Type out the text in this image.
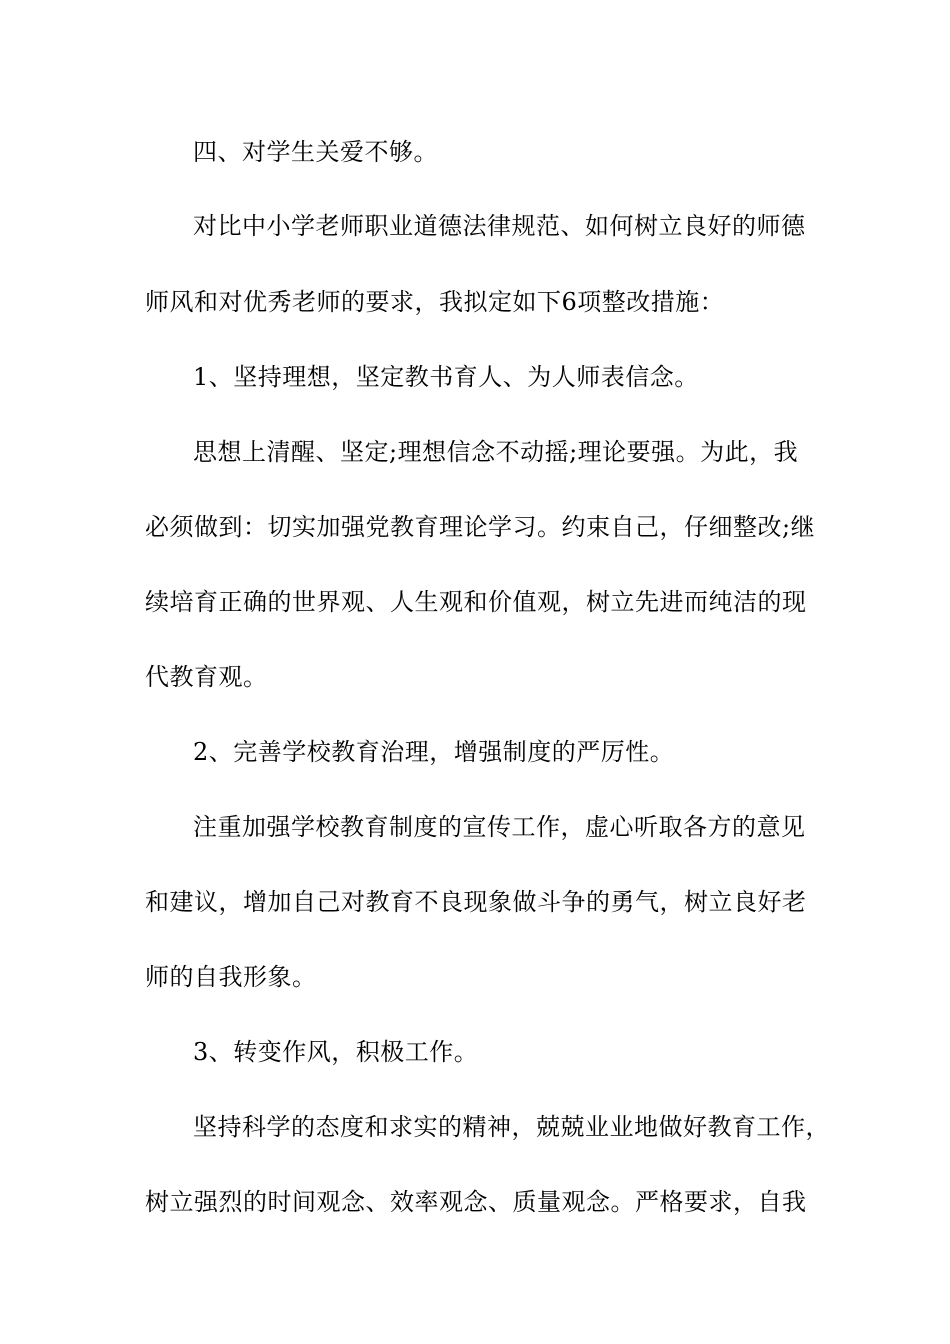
四、对学生关爱不够。
对比中小学老师职业道德法律规范、如何树立良好的师德
师风和对优秀老师的要求，我拟定如下6项整改措施：
1、坚持理想，坚定教书育人、为人师表信念。
思想上清醒、坚定;理想信念不动摇;理论要强。为此，我
必须做到：切实加强党教育理论学习。约束自己，仔细整改;继
续培育正确的世界观、人生观和价值观，树立先进而纯洁的现
代教育观。
2、完善学校教育治理，增强制度的严厉性。
注重加强学校教育制度的宣传工作，虚心听取各方的意见
和建议，增加自己对教育不良现象做斗争的勇气，树立良好老
师的自我形象。
3、转变作风，积极工作。
坚持科学的态度和求实的精神，兢兢业业地做好教育工作，
树立强烈的时间观念、效率观念、质量观念。严格要求，自我
